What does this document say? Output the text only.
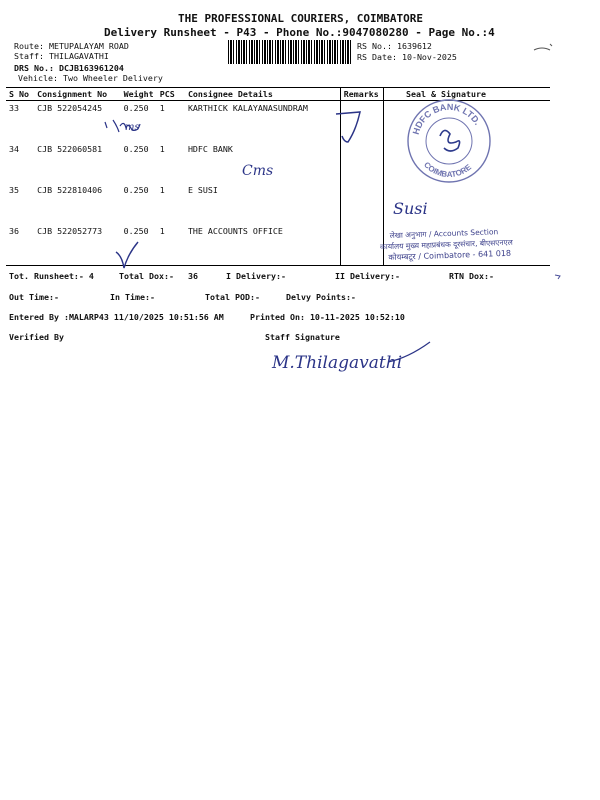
THE PROFESSIONAL COURIERS, COIMBATORE
Delivery Runsheet - P43 - Phone No.:9047080280 - Page No.:4
Route: METUPALAYAM ROAD
Staff: THILAGAVATHI
DRS No.: DCJB163961204
Vehicle: Two Wheeler Delivery
RS No.: 1639612
RS Date: 10-Nov-2025
S No	Consignment No	Weight	PCS	Consignee Details	Remarks	Seal & Signature
33	CJB 522054245	0.250	1	KARTHICK KALAYANASUNDRAM		
34	CJB 522060581	0.250	1	HDFC BANK		
35	CJB 522810406	0.250	1	E SUSI		
36	CJB 522052773	0.250	1	THE ACCOUNTS OFFICE		
HDFC BANK LTD.
COIMBATORE
ms
Cms
Susi
लेखा अनुभाग / Accounts Section
कार्यालय मुख्य महाप्रबंधक दूरसंचार, बीएसएनएल
कोयम्बटूर / Coimbatore - 641 018
Tot. Runsheet:- 4	Total Dox:- 36	I Delivery:-	II Delivery:-	RTN Dox:-
Out Time:-	In Time:-	Total POD:-	Delvy Points:-
Entered By :MALARP43 11/10/2025 10:51:56 AM	Printed On: 10-11-2025 10:52:10
Verified By	Staff Signature
M.Thilagavathi
